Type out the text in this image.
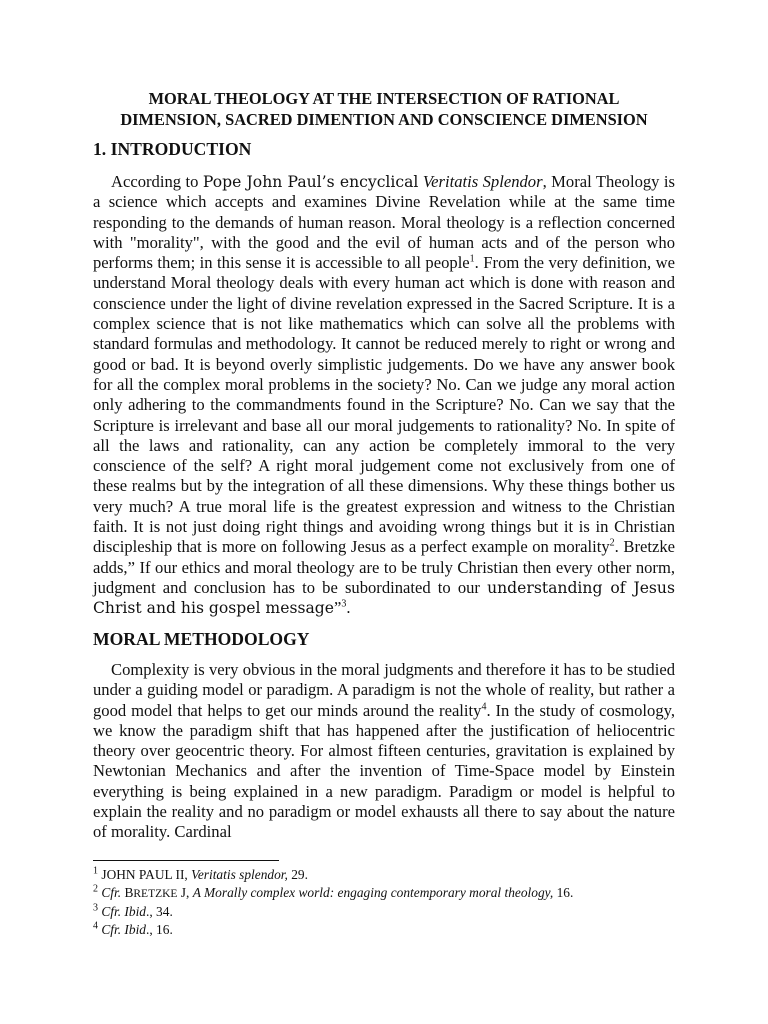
MORAL THEOLOGY AT THE INTERSECTION OF RATIONAL
DIMENSION, SACRED DIMENTION AND CONSCIENCE DIMENSION
1. INTRODUCTION
According to Pope John Paul’s encyclical Veritatis Splendor, Moral Theology is a science which accepts and examines Divine Revelation while at the same time responding to the demands of human reason. Moral theology is a reflection concerned with "morality", with the good and the evil of human acts and of the person who performs them; in this sense it is accessible to all people$^1$. From the very definition, we understand Moral theology deals with every human act which is done with reason and conscience under the light of divine revelation expressed in the Sacred Scripture. It is a complex science that is not like mathematics which can solve all the problems with standard formulas and methodology. It cannot be reduced merely to right or wrong and good or bad. It is beyond overly simplistic judgements. Do we have any answer book for all the complex moral problems in the society? No. Can we judge any moral action only adhering to the commandments found in the Scripture? No. Can we say that the Scripture is irrelevant and base all our moral judgements to rationality? No. In spite of all the laws and rationality, can any action be completely immoral to the very conscience of the self? A right moral judgement come not exclusively from one of these realms but by the integration of all these dimensions. Why these things bother us very much? A true moral life is the greatest expression and witness to the Christian faith. It is not just doing right things and avoiding wrong things but it is in Christian discipleship that is more on following Jesus as a perfect example on morality$^2$. Bretzke adds,” If our ethics and moral theology are to be truly Christian then every other norm, judgment and conclusion has to be subordinated to our understanding of Jesus Christ and his gospel message”$^3$.
MORAL METHODOLOGY
Complexity is very obvious in the moral judgments and therefore it has to be studied under a guiding model or paradigm. A paradigm is not the whole of reality, but rather a good model that helps to get our minds around the reality$^4$. In the study of cosmology, we know the paradigm shift that has happened after the justification of heliocentric theory over geocentric theory. For almost fifteen centuries, gravitation is explained by Newtonian Mechanics and after the invention of Time-Space model by Einstein everything is being explained in a new paradigm. Paradigm or model is helpful to explain the reality and no paradigm or model exhausts all there to say about the nature of morality. Cardinal
$^1$ JOHN PAUL II, Veritatis splendor, 29.
$^2$ Cfr. BRETZKE J, A Morally complex world: engaging contemporary moral theology, 16.
$^3$ Cfr. Ibid., 34.
$^4$ Cfr. Ibid., 16.
